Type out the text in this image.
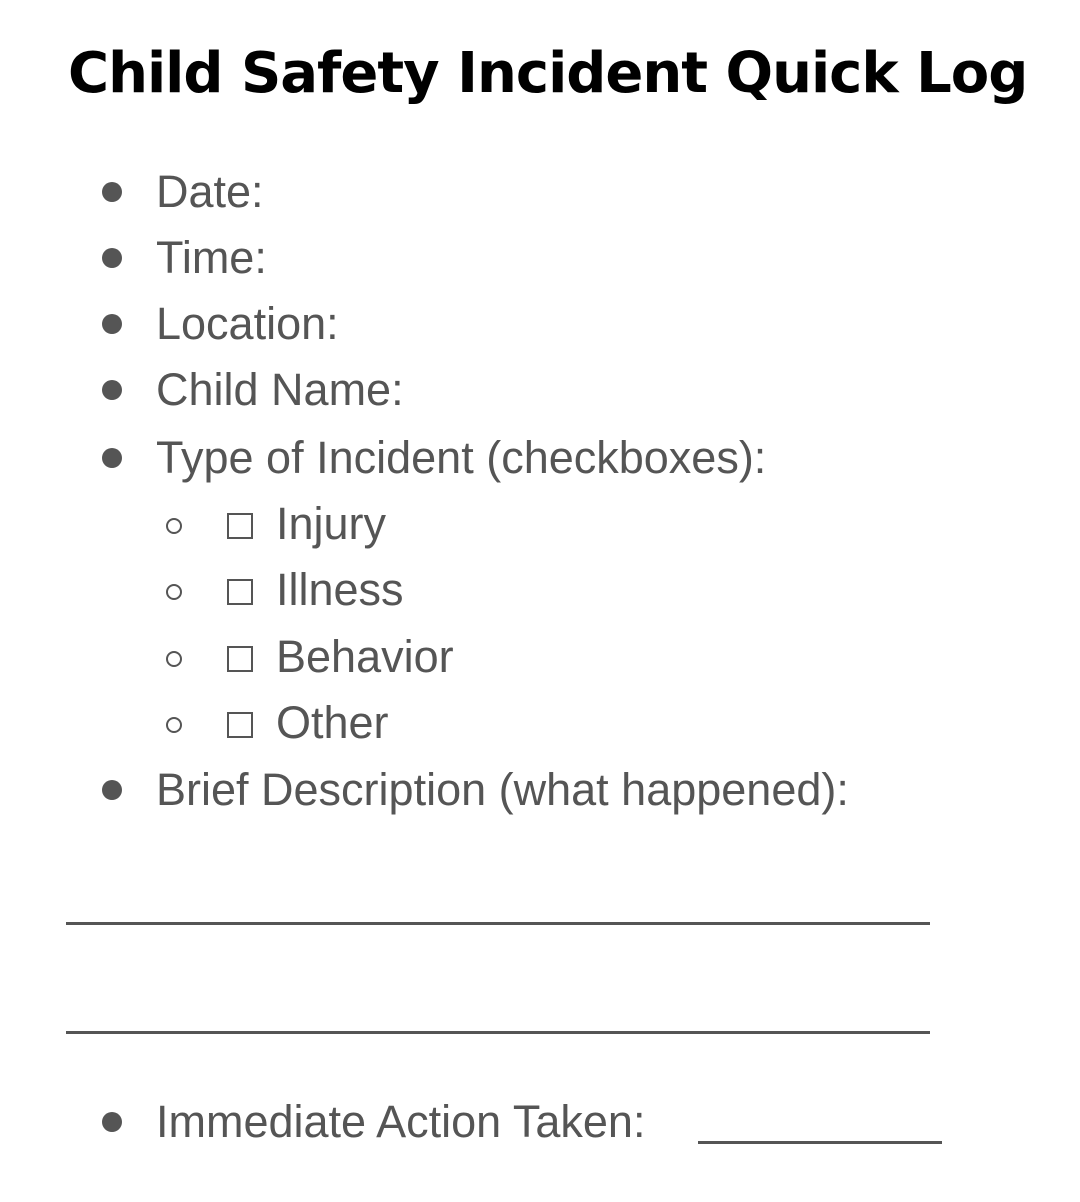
Child Safety Incident Quick Log
Date:
Time:
Location:
Child Name:
Type of Incident (checkboxes):
Injury
Illness
Behavior
Other
Brief Description (what happened):
Immediate Action Taken:
